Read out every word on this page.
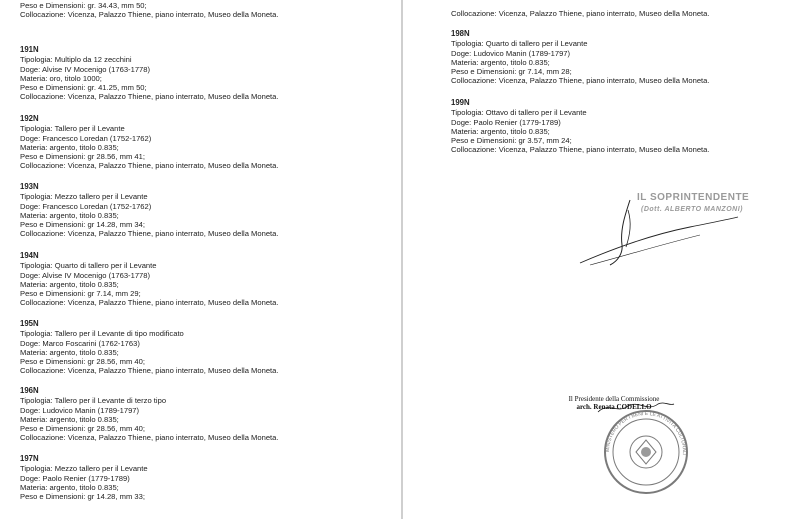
Peso e Dimensioni: gr. 34.43, mm 50;
Collocazione: Vicenza, Palazzo Thiene, piano interrato, Museo della Moneta.
191N
Tipologia: Multiplo da 12 zecchini
Doge: Alvise IV Mocenigo (1763-1778)
Materia: oro, titolo 1000;
Peso e Dimensioni: gr. 41.25, mm 50;
Collocazione: Vicenza, Palazzo Thiene, piano interrato, Museo della Moneta.
192N
Tipologia: Tallero per il Levante
Doge: Francesco Loredan (1752-1762)
Materia: argento, titolo 0.835;
Peso e Dimensioni: gr 28.56, mm 41;
Collocazione: Vicenza, Palazzo Thiene, piano interrato, Museo della Moneta.
193N
Tipologia: Mezzo tallero per il Levante
Doge: Francesco Loredan (1752-1762)
Materia: argento, titolo 0.835;
Peso e Dimensioni: gr 14.28, mm 34;
Collocazione: Vicenza, Palazzo Thiene, piano interrato, Museo della Moneta.
194N
Tipologia: Quarto di tallero per il Levante
Doge: Alvise IV Mocenigo (1763-1778)
Materia: argento, titolo 0.835;
Peso e Dimensioni: gr 7.14, mm 29;
Collocazione: Vicenza, Palazzo Thiene, piano interrato, Museo della Moneta.
195N
Tipologia: Tallero per il Levante di tipo modificato
Doge: Marco Foscarini (1762-1763)
Materia: argento, titolo 0.835;
Peso e Dimensioni: gr 28.56, mm 40;
Collocazione: Vicenza, Palazzo Thiene, piano interrato, Museo della Moneta.
196N
Tipologia: Tallero per il Levante di terzo tipo
Doge: Ludovico Manin (1789-1797)
Materia: argento, titolo 0.835;
Peso e Dimensioni: gr 28.56, mm 40;
Collocazione: Vicenza, Palazzo Thiene, piano interrato, Museo della Moneta.
197N
Tipologia: Mezzo tallero per il Levante
Doge: Paolo Renier (1779-1789)
Materia: argento, titolo 0.835;
Peso e Dimensioni: gr 14.28, mm 33;
Collocazione: Vicenza, Palazzo Thiene, piano interrato, Museo della Moneta.
198N
Tipologia: Quarto di tallero per il Levante
Doge: Ludovico Manin (1789-1797)
Materia: argento, titolo 0.835;
Peso e Dimensioni: gr 7.14, mm 28;
Collocazione: Vicenza, Palazzo Thiene, piano interrato, Museo della Moneta.
199N
Tipologia: Ottavo di tallero per il Levante
Doge: Paolo Renier (1779-1789)
Materia: argento, titolo 0.835;
Peso e Dimensioni: gr 3.57, mm 24;
Collocazione: Vicenza, Palazzo Thiene, piano interrato, Museo della Moneta.
IL SOPRINTENDENTE
(Dott. ALBERTO MANZONI)
Il Presidente della Commissione
arch. Renata CODELLO
MINISTERO PER I BENI E LE ATTIVITÀ CULTURALI
